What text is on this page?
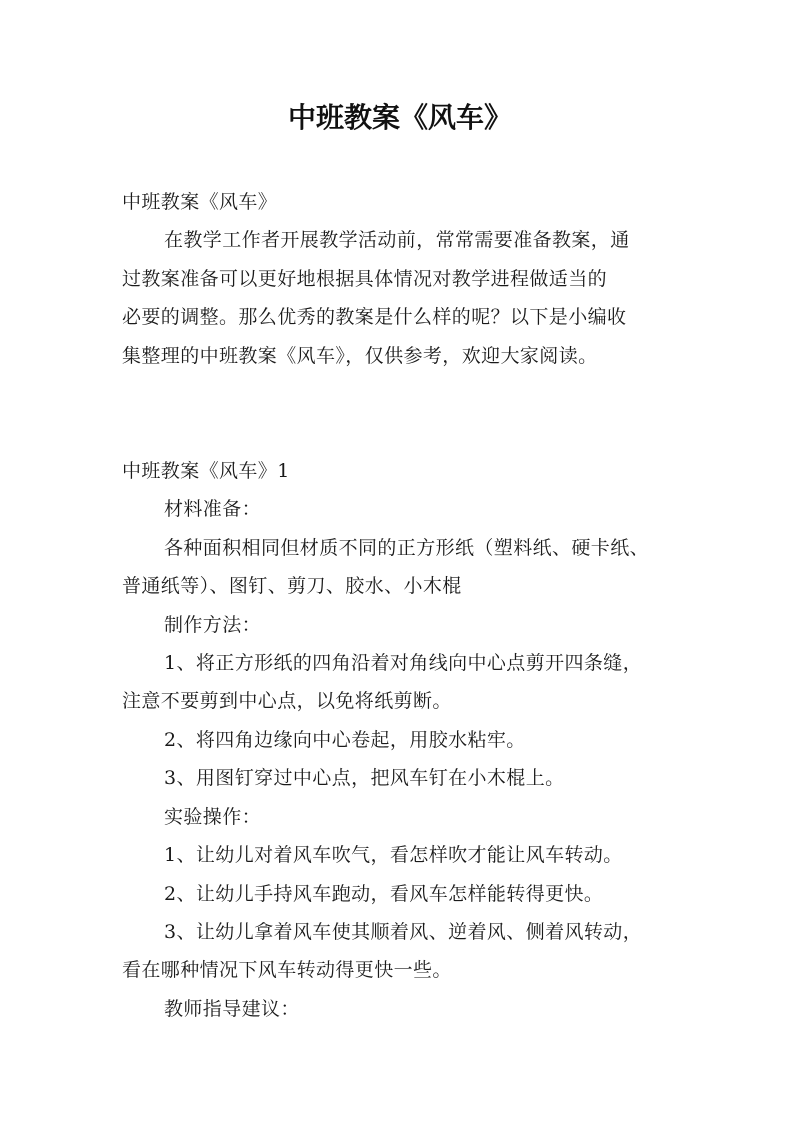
中班教案《风车》

中班教案《风车》

在教学工作者开展教学活动前，常常需要准备教案，通

过教案准备可以更好地根据具体情况对教学进程做适当的

必要的调整。那么优秀的教案是什么样的呢？以下是小编收

集整理的中班教案《风车》，仅供参考，欢迎大家阅读。

中班教案《风车》1

材料准备：

各种面积相同但材质不同的正方形纸（塑料纸、硬卡纸、

普通纸等）、图钉、剪刀、胶水、小木棍

制作方法：

1、将正方形纸的四角沿着对角线向中心点剪开四条缝，

注意不要剪到中心点，以免将纸剪断。

2、将四角边缘向中心卷起，用胶水粘牢。

3、用图钉穿过中心点，把风车钉在小木棍上。

实验操作：

1、让幼儿对着风车吹气，看怎样吹才能让风车转动。

2、让幼儿手持风车跑动，看风车怎样能转得更快。

3、让幼儿拿着风车使其顺着风、逆着风、侧着风转动，

看在哪种情况下风车转动得更快一些。

教师指导建议：
